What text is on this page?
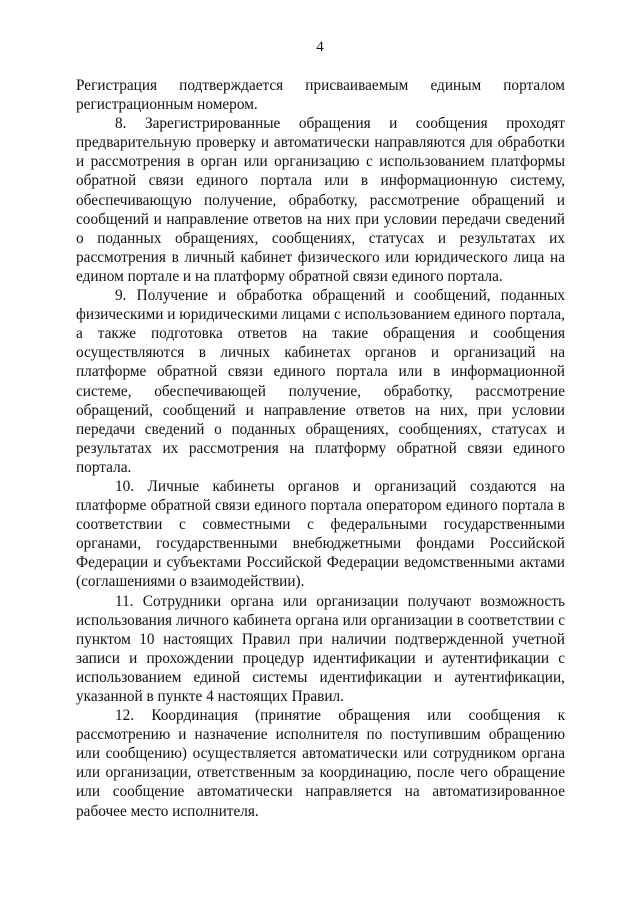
4

Регистрация подтверждается присваиваемым единым порталом регистрационным номером.

8. Зарегистрированные обращения и сообщения проходят предварительную проверку и автоматически направляются для обработки и рассмотрения в орган или организацию с использованием платформы обратной связи единого портала или в информационную систему, обеспечивающую получение, обработку, рассмотрение обращений и сообщений и направление ответов на них при условии передачи сведений о поданных обращениях, сообщениях, статусах и результатах их рассмотрения в личный кабинет физического или юридического лица на едином портале и на платформу обратной связи единого портала.

9. Получение и обработка обращений и сообщений, поданных физическими и юридическими лицами с использованием единого портала, а также подготовка ответов на такие обращения и сообщения осуществляются в личных кабинетах органов и организаций на платформе обратной связи единого портала или в информационной системе, обеспечивающей получение, обработку, рассмотрение обращений, сообщений и направление ответов на них, при условии передачи сведений о поданных обращениях, сообщениях, статусах и результатах их рассмотрения на платформу обратной связи единого портала.

10. Личные кабинеты органов и организаций создаются на платформе обратной связи единого портала оператором единого портала в соответствии с совместными с федеральными государственными органами, государственными внебюджетными фондами Российской Федерации и субъектами Российской Федерации ведомственными актами (соглашениями о взаимодействии).

11. Сотрудники органа или организации получают возможность использования личного кабинета органа или организации в соответствии с пунктом 10 настоящих Правил при наличии подтвержденной учетной записи и прохождении процедур идентификации и аутентификации с использованием единой системы идентификации и аутентификации, указанной в пункте 4 настоящих Правил.

12. Координация (принятие обращения или сообщения к рассмотрению и назначение исполнителя по поступившим обращению или сообщению) осуществляется автоматически или сотрудником органа или организации, ответственным за координацию, после чего обращение или сообщение автоматически направляется на автоматизированное рабочее место исполнителя.
